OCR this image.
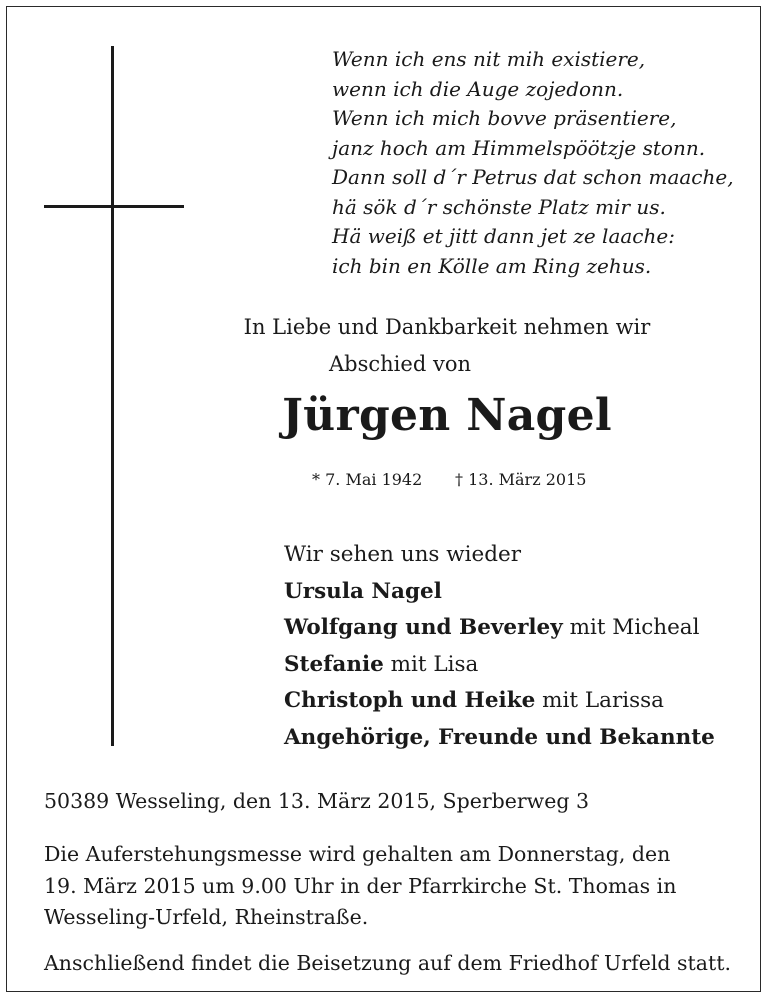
Wenn ich ens nit mih existiere,
wenn ich die Auge zojedonn.
Wenn ich mich bovve präsentiere,
janz hoch am Himmelspöötzje stonn.
Dann soll d´r Petrus dat schon maache,
hä sök d´r schönste Platz mir us.
Hä weiß et jitt dann jet ze laache:
ich bin en Kölle am Ring zehus.
In Liebe und Dankbarkeit nehmen wir
Abschied von
Jürgen Nagel
* 7. Mai 1942 † 13. März 2015
Wir sehen uns wieder
Ursula Nagel
Wolfgang und Beverley mit Micheal
Stefanie mit Lisa
Christoph und Heike mit Larissa
Angehörige, Freunde und Bekannte
50389 Wesseling, den 13. März 2015, Sperberweg 3
Die Auferstehungsmesse wird gehalten am Donnerstag, den
19. März 2015 um 9.00 Uhr in der Pfarrkirche St. Thomas in
Wesseling-Urfeld, Rheinstraße.
Anschließend findet die Beisetzung auf dem Friedhof Urfeld statt.
